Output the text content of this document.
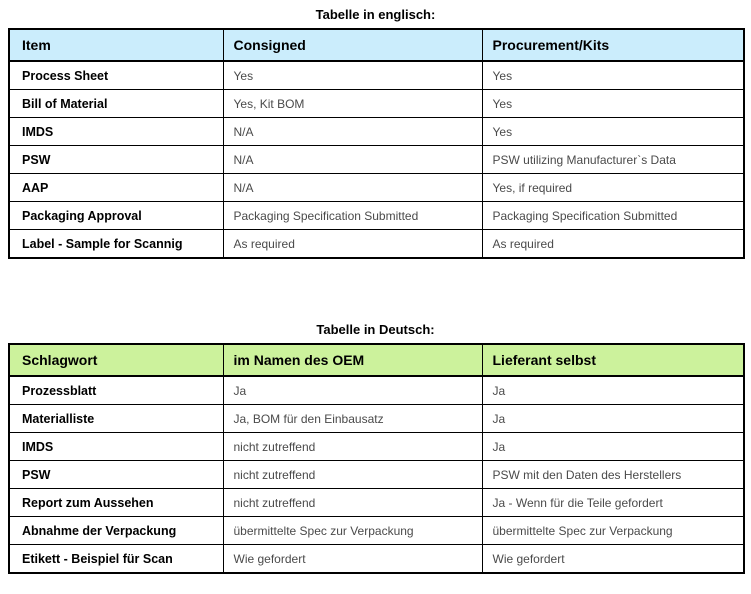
Tabelle in englisch:
Item	Consigned	Procurement/Kits
Process Sheet	Yes	Yes
Bill of Material	Yes, Kit BOM	Yes
IMDS	N/A	Yes
PSW	N/A	PSW utilizing Manufacturer`s Data
AAP	N/A	Yes, if required
Packaging Approval	Packaging Specification Submitted	Packaging Specification Submitted
Label - Sample for Scannig	As required	As required
Tabelle in Deutsch:
Schlagwort	im Namen des OEM	Lieferant selbst
Prozessblatt	Ja	Ja
Materialliste	Ja, BOM für den Einbausatz	Ja
IMDS	nicht zutreffend	Ja
PSW	nicht zutreffend	PSW mit den Daten des Herstellers
Report zum Aussehen	nicht zutreffend	Ja - Wenn für die Teile gefordert
Abnahme der Verpackung	übermittelte Spec zur Verpackung	übermittelte Spec zur Verpackung
Etikett - Beispiel für Scan	Wie gefordert	Wie gefordert
